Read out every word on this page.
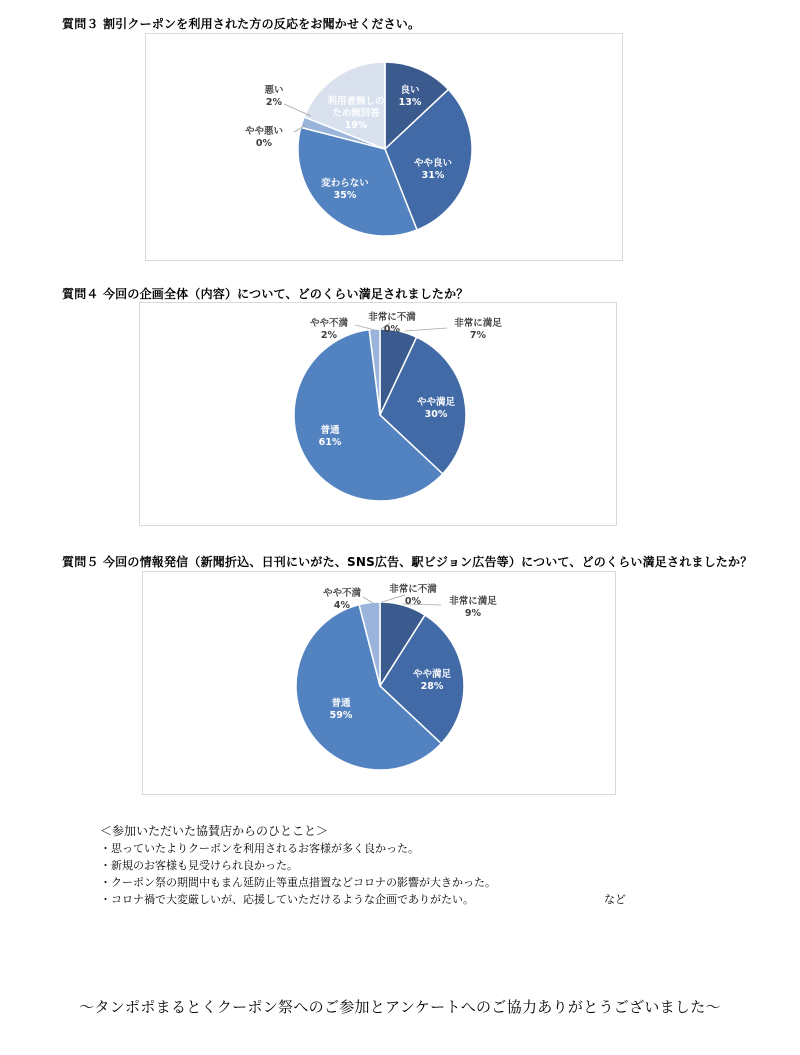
質問３ 割引クーポンを利用された方の反応をお聞かせください。
良い 13%
やや良い 31%
変わらない 35%
やや悪い 0%
悪い 2%	利用者無しのため無回答 19%
質問４ 今回の企画全体（内容）について、どのくらい満足されましたか？
非常に満足 7%
やや満足 30%
普通 61%
やや不満 2%
非常に不満 0%
質問５ 今回の情報発信（新聞折込、日刊にいがた、SNS広告、駅ビジョン広告等）について、どのくらい満足されましたか？
非常に満足 9%
やや満足 28%
普通 59%
やや不満 4%
非常に不満 0%
＜参加いただいた協賛店からのひとこと＞
・思っていたよりクーポンを利用されるお客様が多く良かった。
・新規のお客様も見受けられ良かった。
・クーポン祭の期間中もまん延防止等重点措置などコロナの影響が大きかった。
・コロナ禍で大変厳しいが、応援していただけるような企画でありがたい。	など
～タンポポまるとくクーポン祭へのご参加とアンケートへのご協力ありがとうございました～
